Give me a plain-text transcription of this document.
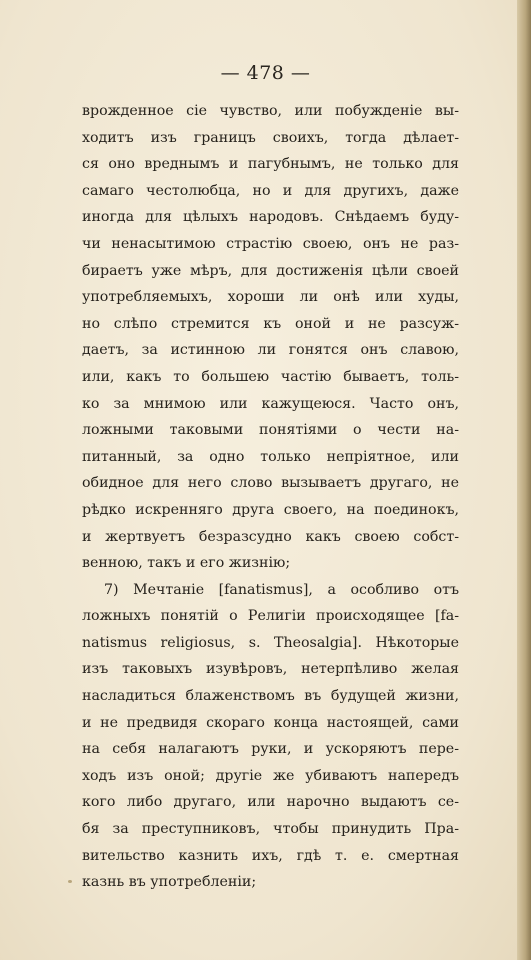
— 478 —
врожденное сіе чувство, или побужденіе вы-
ходитъ изъ границъ своихъ, тогда дѣлает-
ся оно вреднымъ и пагубнымъ, не только для
самаго честолюбца, но и для другихъ, даже
иногда для цѣлыхъ народовъ. Снѣдаемъ буду-
чи ненасытимою страстію своею, онъ не раз-
бираетъ уже мѣръ, для достиженія цѣли своей
употребляемыхъ, хороши ли онѣ или худы,
но слѣпо стремится къ оной и не разсуж-
даетъ, за истинною ли гонятся онъ славою,
или, какъ то большею частію бываетъ, толь-
ко за мнимою или кажущеюся. Часто онъ,
ложными таковыми понятіями о чести на-
питанный, за одно только непріятное, или
обидное для него слово вызываетъ другаго, не
рѣдко искренняго друга своего, на поединокъ,
и жертвуетъ безразсудно какъ своею собст-
венною, такъ и его жизнію;
7) Мечтаніе [fanatismus], а особливо отъ
ложныхъ понятій о Религіи происходящее [fa-
natismus religiosus, s. Theosalgia]. Нѣкоторые
изъ таковыхъ изувѣровъ, нетерпѣливо желая
насладиться блаженствомъ въ будущей жизни,
и не предвидя скораго конца настоящей, сами
на себя налагаютъ руки, и ускоряютъ пере-
ходъ изъ оной; другіе же убиваютъ напередъ
кого либо другаго, или нарочно выдаютъ се-
бя за преступниковъ, чтобы принудить Пра-
вительство казнить ихъ, гдѣ т. е. смертная
казнь въ употребленіи;
